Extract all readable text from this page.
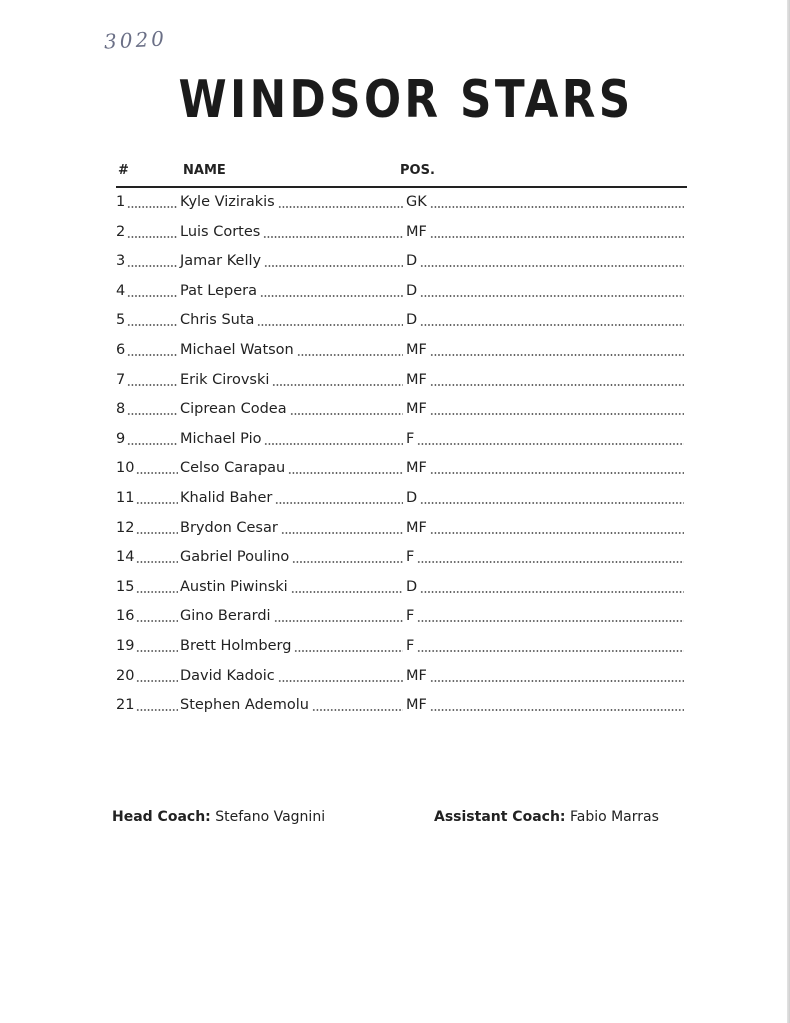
3020
WINDSOR STARS
#	NAME	POS.
1	Kyle Vizirakis	GK
2	Luis Cortes	MF
3	Jamar Kelly	D
4	Pat Lepera	D
5	Chris Suta	D
6	Michael Watson	MF
7	Erik Cirovski	MF
8	Ciprean Codea	MF
9	Michael Pio	F
10	Celso Carapau	MF
11	Khalid Baher	D
12	Brydon Cesar	MF
14	Gabriel Poulino	F
15	Austin Piwinski	D
16	Gino Berardi	F
19	Brett Holmberg	F
20	David Kadoic	MF
21	Stephen Ademolu	MF
Head Coach: Stefano Vagnini	Assistant Coach: Fabio Marras
